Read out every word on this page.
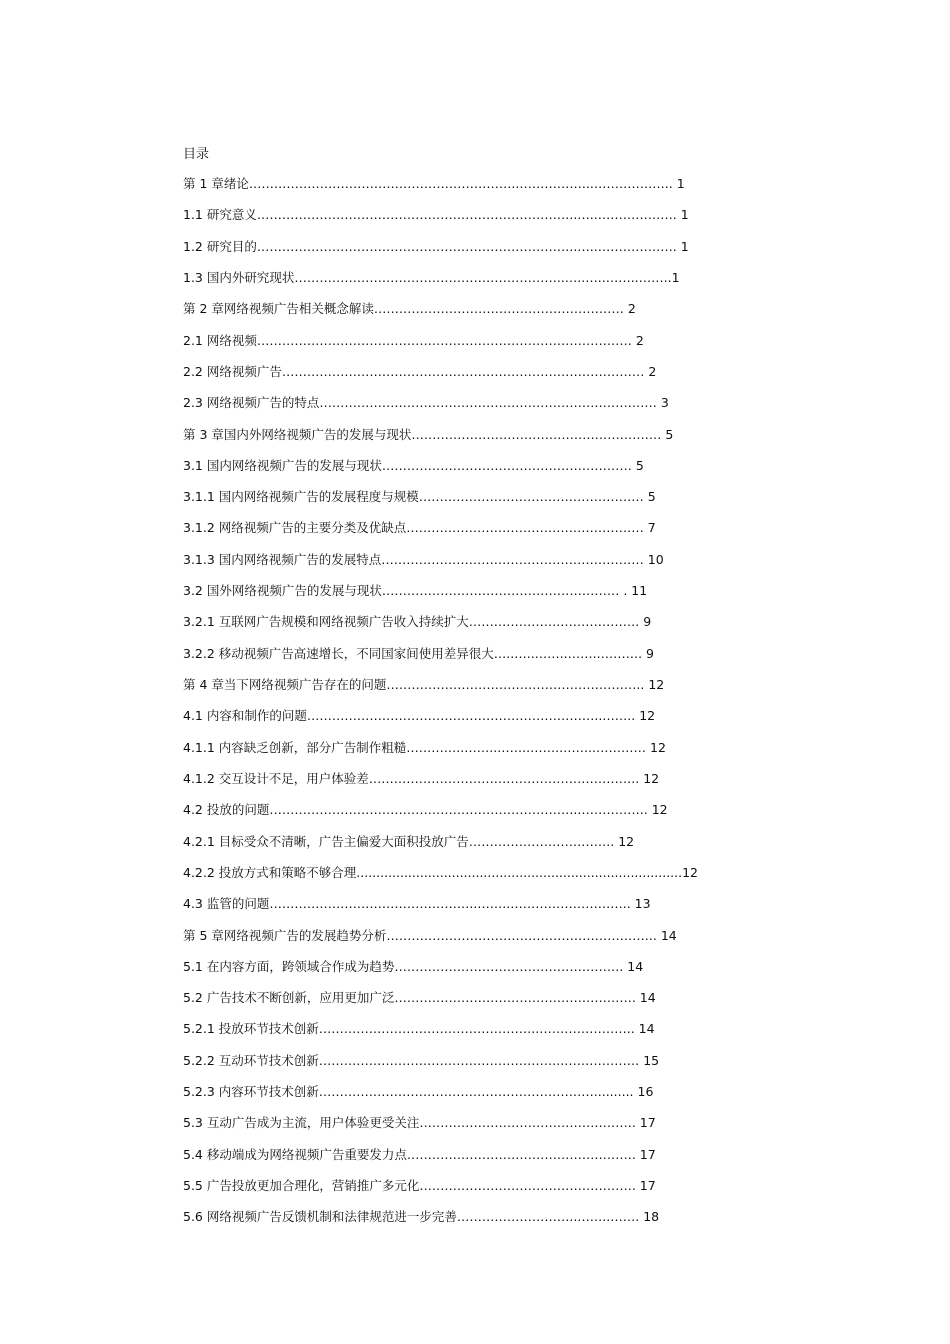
目录
第 1 章绪论………………………………………………………..……………..……………….. 1
1.1 研究意义…………………………………………………………………..…..………………. 1
1.2 研究目的…………………………………………………………………..…..………………. 1
1.3 国内外研究现状………………………………………………………..…..…..……..……..1
第 2 章网络视频广告相关概念解读…………………………………………………… 2
2.1 网络视频……………………………………………………………………………… 2
2.2 网络视频广告…………………………………………………………………………… 2
2.3 网络视频广告的特点……………………………………………………………………… 3
第 3 章国内外网络视频广告的发展与现状…………………………………………………… 5
3.1 国内网络视频广告的发展与现状…………………………………………………… 5
3.1.1 国内网络视频广告的发展程度与规模……………………………………………… 5
3.1.2 网络视频广告的主要分类及优缺点………………………………………………… 7
3.1.3 国内网络视频广告的发展特点……………………………………………………… 10
3.2 国外网络视频广告的发展与现状………………………………………………… . 11
3.2.1 互联网广告规模和网络视频广告收入持续扩大………………….………………. 9
3.2.2 移动视频广告高速增长，不同国家间使用差异很大…..…..……..……..………. 9
第 4 章当下网络视频广告存在的问题…………………………………………………….. 12
4.1 内容和制作的问题……………………………………………………………..…….. 12
4.1.1 内容缺乏创新，部分广告制作粗糙…………..……..……..……..……..………… 12
4.1.2 交互设计不足，用户体验差……………………………………………………….. 12
4.2 投放的问题………………………………………………………………..…………….. 12
4.2.1 目标受众不清晰，广告主偏爱大面积投放广告…………………………….. 12
4.2.2 投放方式和策略不够合理..................................................................................12
4.3 监管的问题…………………………………………..……..……………………….. 13
第 5 章网络视频广告的发展趋势分析……………………………………………………….. 14
5.1 在内容方面，跨领域合作成为趋势………………………………………………. 14
5.2 广告技术不断创新，应用更加广泛…………………………………………………. 14
5.2.1 投放环节技术创新……………………………………………..………………….. 14
5.2.2 互动环节技术创新…………………………………………………..……………… 15
5.2.3 内容环节技术创新………………………………………………………….......... 16
5.3 互动广告成为主流，用户体验更受关注……………………………………………. 17
5.4 移动端成为网络视频广告重要发力点………………………………………………. 17
5.5 广告投放更加合理化，营销推广多元化……………………………………………. 17
5.6 网络视频广告反馈机制和法律规范进一步完善………………………..……..……. 18
